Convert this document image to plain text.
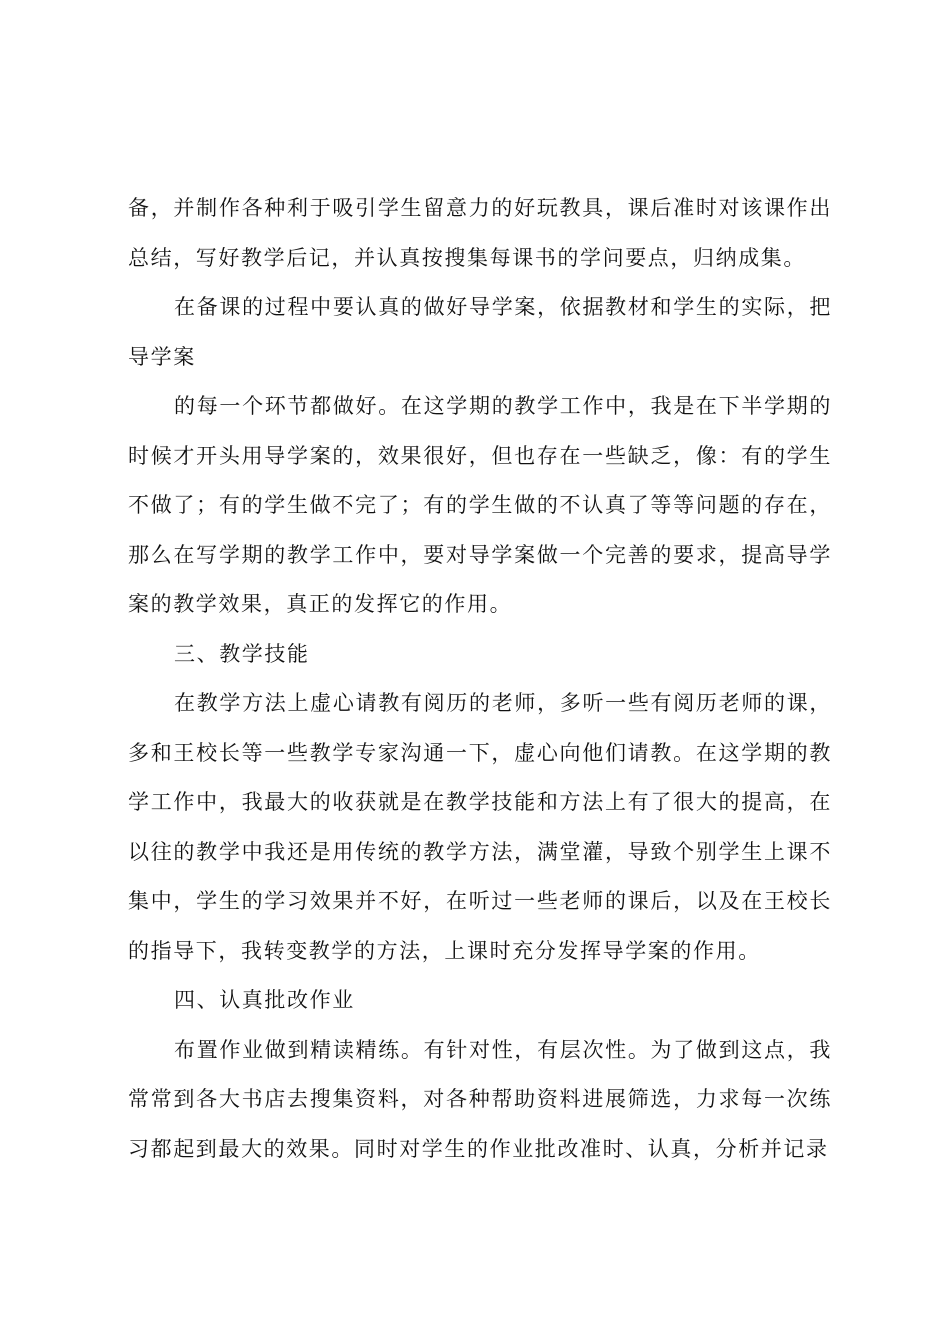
备，并制作各种利于吸引学生留意力的好玩教具，课后准时对该课作出总结，写好教学后记，并认真按搜集每课书的学问要点，归纳成集。

在备课的过程中要认真的做好导学案，依据教材和学生的实际，把导学案

的每一个环节都做好。在这学期的教学工作中，我是在下半学期的时候才开头用导学案的，效果很好，但也存在一些缺乏，像：有的学生不做了；有的学生做不完了；有的学生做的不认真了等等问题的存在，那么在写学期的教学工作中，要对导学案做一个完善的要求，提高导学案的教学效果，真正的发挥它的作用。

三、教学技能

在教学方法上虚心请教有阅历的老师，多听一些有阅历老师的课，多和王校长等一些教学专家沟通一下，虚心向他们请教。在这学期的教学工作中，我最大的收获就是在教学技能和方法上有了很大的提高，在以往的教学中我还是用传统的教学方法，满堂灌，导致个别学生上课不集中，学生的学习效果并不好，在听过一些老师的课后，以及在王校长的指导下，我转变教学的方法，上课时充分发挥导学案的作用。

四、认真批改作业

布置作业做到精读精练。有针对性，有层次性。为了做到这点，我常常到各大书店去搜集资料，对各种帮助资料进展筛选，力求每一次练习都起到最大的效果。同时对学生的作业批改准时、认真，分析并记录
